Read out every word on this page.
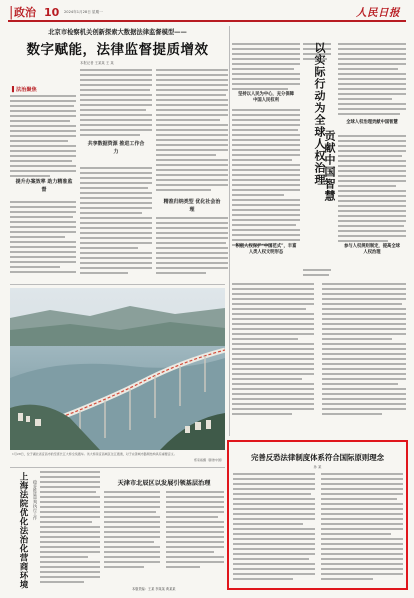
| 政治 10 2024年1月28日 星期一	人民日报
北京市检察机关创新探索大数据法律监督模型——
数字赋能，法律监督提质增效
本报记者 王某某 王 某
▌法治聚焦
提升办案效率 助力精准监督
共享数据资源 推进工作合力
精准归纳类型 优化社会治理
坚持以人民为中心，充分保障中国人民权利
积极人权保护“中国范式”，丰富人类人权文明形态
以实际行动为全球人权治理
贡献中国智慧
全球人权治理贡献中国智慧
参与人权规则制定，提高全球人权治理
1月28日，位于湖北省宜昌市的至喜长江大桥全线通车。该大桥是宜昌城区过江通道，对于完善城市路网结构具有重要意义。
郑家裕摄（影像中国）
上海法院优化法治化营商环境	稳步推进审判执行工作	天津市北辰区以发展引领基层治理
本版责编：王某 李某某 黄某某
完善反恐法律制度体系符合国际原则理念
孙 某
